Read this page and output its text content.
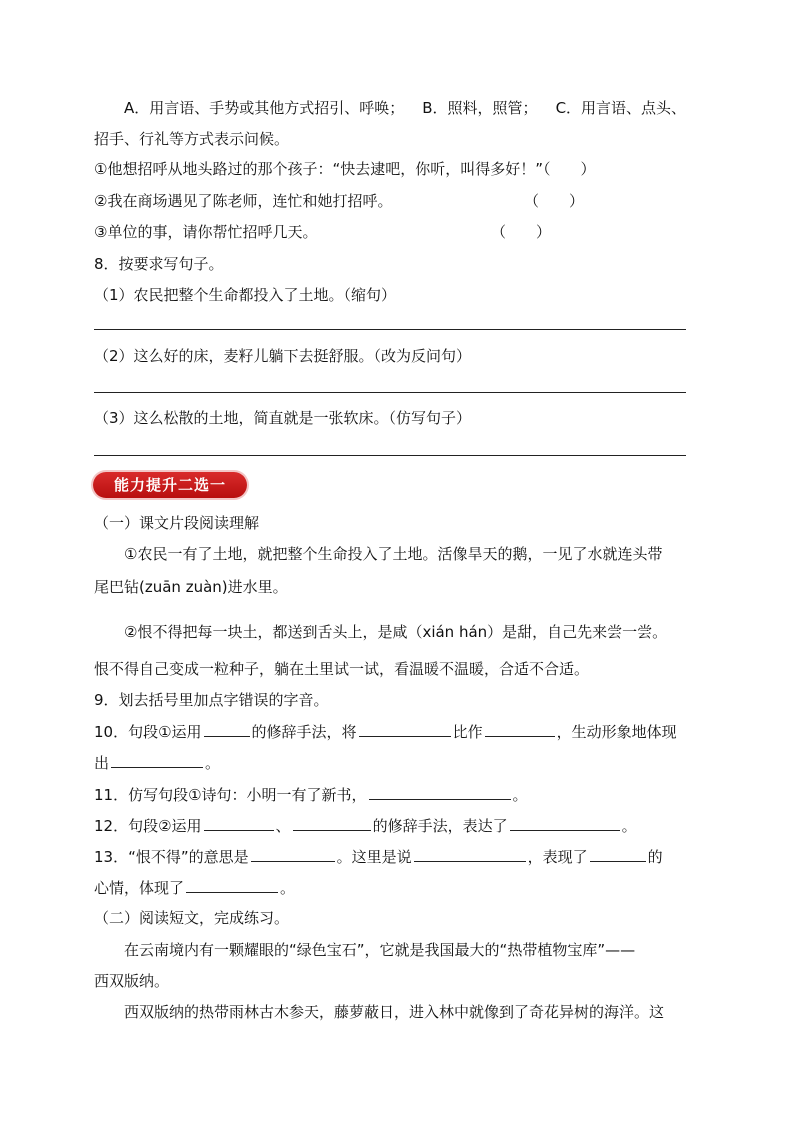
A．用言语、手势或其他方式招引、呼唤； B．照料，照管； C．用言语、点头、
招手、行礼等方式表示问候。
①他想招呼从地头路过的那个孩子：“快去逮吧，你听，叫得多好！”（　　）
②我在商场遇见了陈老师，连忙和她打招呼。	（　　）
③单位的事，请你帮忙招呼几天。	（　　）
8．按要求写句子。
（1）农民把整个生命都投入了土地。（缩句）
（2）这么好的床，麦籽儿躺下去挺舒服。（改为反问句）
（3）这么松散的土地，简直就是一张软床。（仿写句子）
能力提升二选一
（一）课文片段阅读理解
①农民一有了土地，就把整个生命投入了土地。活像旱天的鹅，一见了水就连头带
尾巴钻(zuān zuàn)进水里。
②恨不得把每一块土，都送到舌头上，是咸（xián hán）是甜，自己先来尝一尝。
恨不得自己变成一粒种子，躺在土里试一试，看温暖不温暖，合适不合适。
9．划去括号里加点字错误的字音。
10．句段①运用	的修辞手法，将	比作	，生动形象地体现
出	。
11．仿写句段①诗句：小明一有了新书，	。
12．句段②运用	、	的修辞手法，表达了	。
13．“恨不得”的意思是	。这里是说	，表现了	的
心情，体现了	。
（二）阅读短文，完成练习。
在云南境内有一颗耀眼的“绿色宝石”，它就是我国最大的“热带植物宝库”——
西双版纳。
西双版纳的热带雨林古木参天，藤萝蔽日，进入林中就像到了奇花异树的海洋。这
